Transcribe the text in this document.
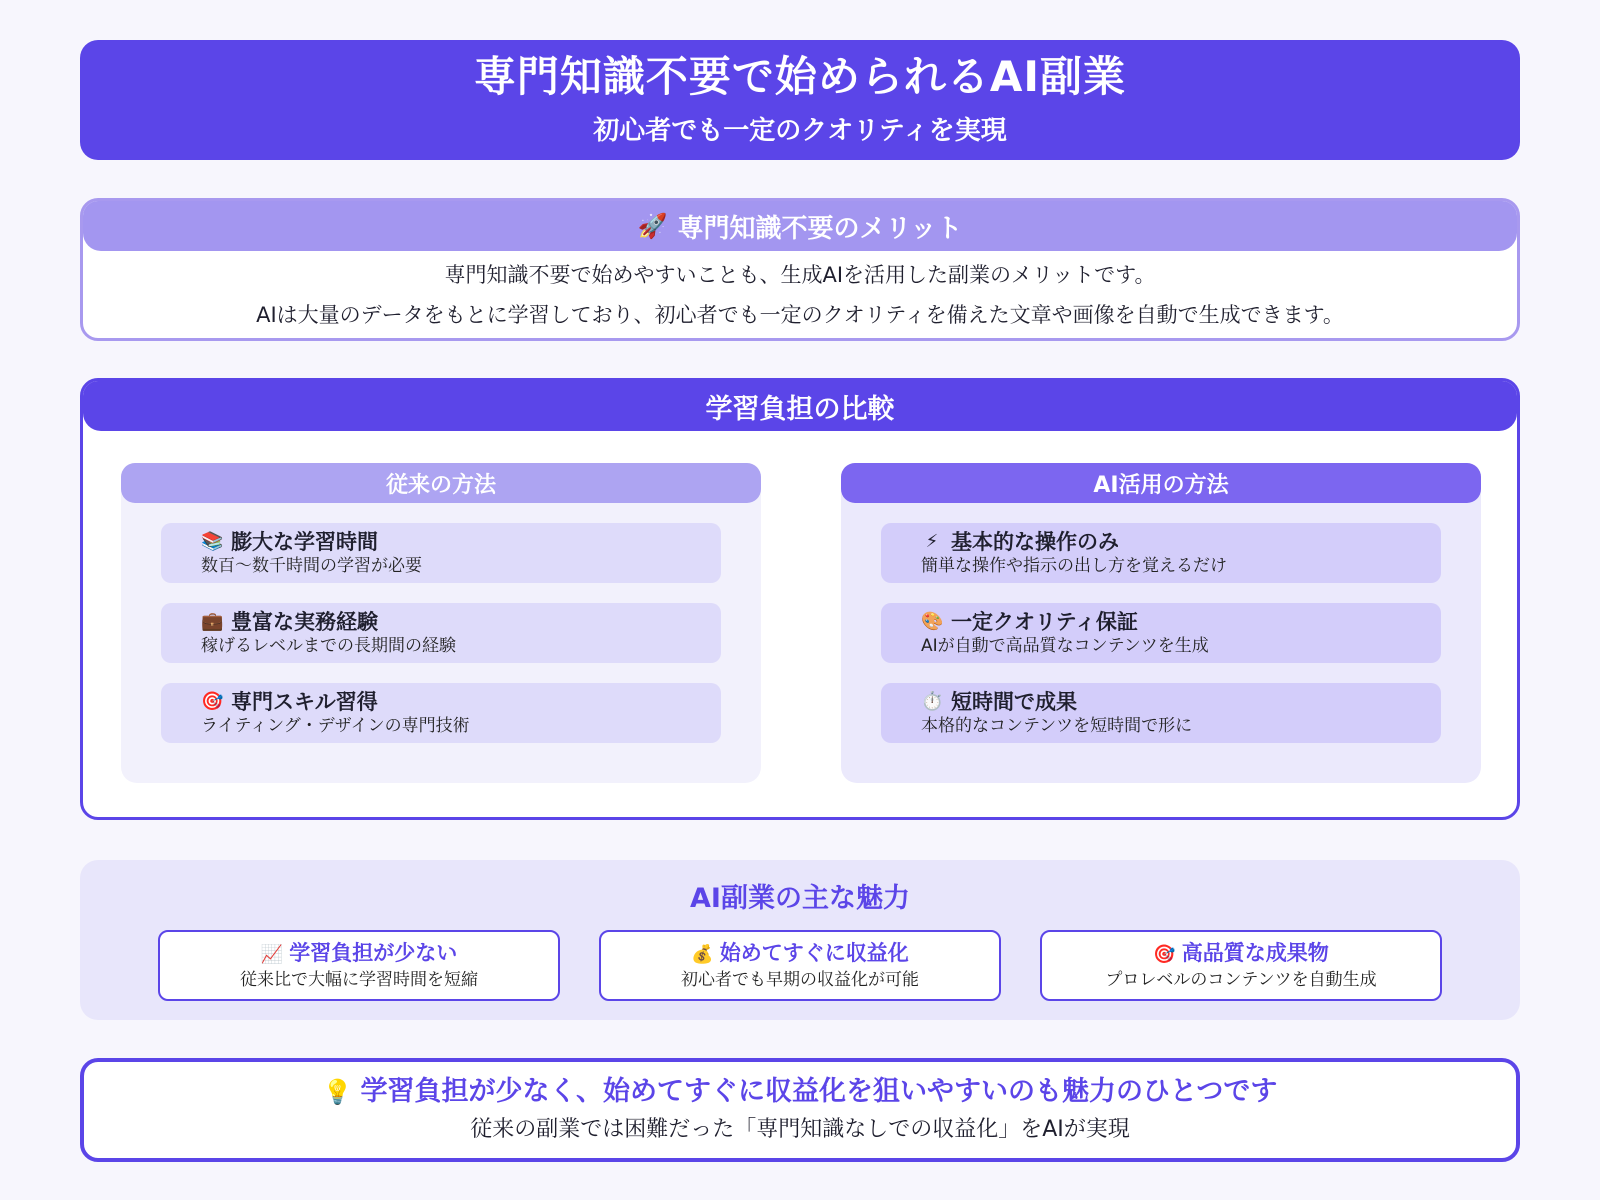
専門知識不要で始められるAI副業
初心者でも一定のクオリティを実現
🚀 専門知識不要のメリット
専門知識不要で始めやすいことも、生成AIを活用した副業のメリットです。
AIは大量のデータをもとに学習しており、初心者でも一定のクオリティを備えた文章や画像を自動で生成できます。
学習負担の比較
従来の方法
📚 膨大な学習時間
数百〜数千時間の学習が必要
💼 豊富な実務経験
稼げるレベルまでの長期間の経験
🎯 専門スキル習得
ライティング・デザインの専門技術
AI活用の方法
⚡ 基本的な操作のみ
簡単な操作や指示の出し方を覚えるだけ
🎨 一定クオリティ保証
AIが自動で高品質なコンテンツを生成
⏱️ 短時間で成果
本格的なコンテンツを短時間で形に
AI副業の主な魅力
📈 学習負担が少ない
従来比で大幅に学習時間を短縮
💰 始めてすぐに収益化
初心者でも早期の収益化が可能
🎯 高品質な成果物
プロレベルのコンテンツを自動生成
💡 学習負担が少なく、始めてすぐに収益化を狙いやすいのも魅力のひとつです
従来の副業では困難だった「専門知識なしでの収益化」をAIが実現
